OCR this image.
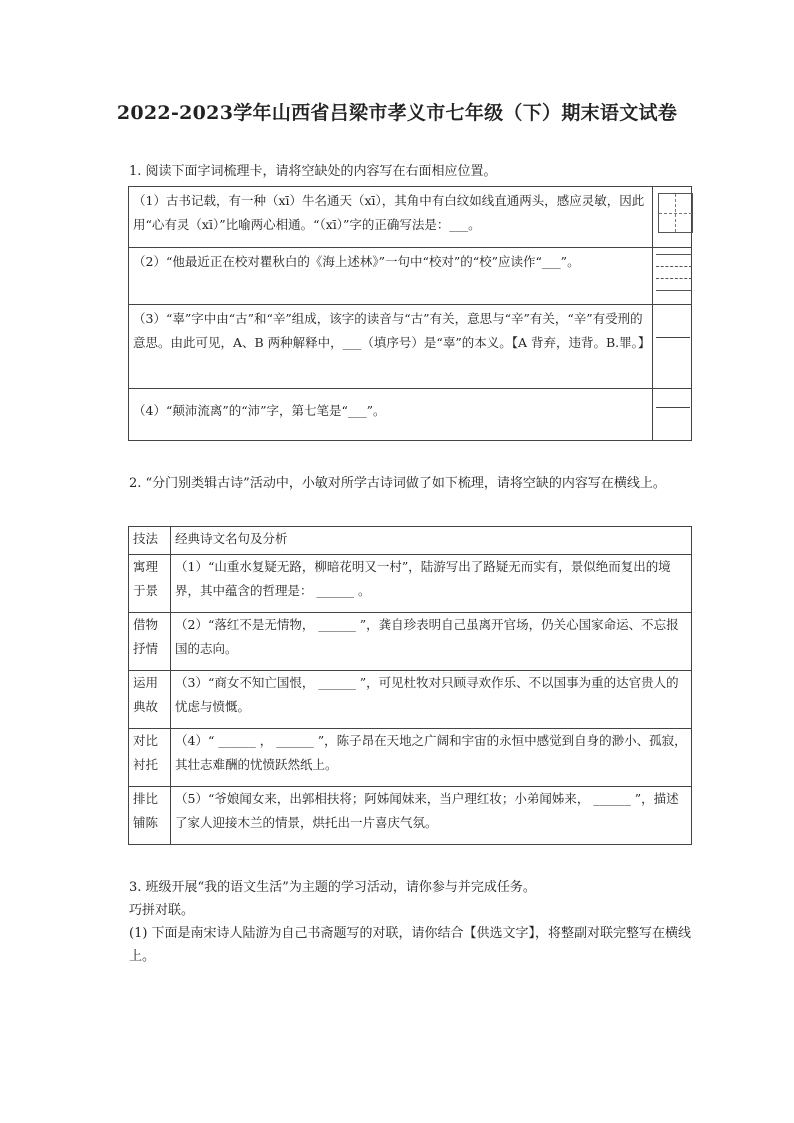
2022-2023学年山西省吕梁市孝义市七年级（下）期末语文试卷
1. 阅读下面字词梳理卡，请将空缺处的内容写在右面相应位置。
（1）古书记载，有一种（xī）牛名通天（xī），其角中有白纹如线直通两头，感应灵敏，因此用“心有灵（xī）”比喻两心相通。“（xī）”字的正确写法是：___。	

（2）“他最近正在校对瞿秋白的《海上述林》”一句中“校对”的“校”应读作“___”。	

（3）“辜”字中由“古”和“辛”组成，该字的读音与“古”有关，意思与“辛”有关，“辛”有受刑的意思。由此可见，A、B 两种解释中，___（填序号）是“辜”的本义。【A 背弃，违背。B.罪。】	

（4）“颠沛流离”的“沛”字，第七笔是“___”。	
2. “分门别类辑古诗”活动中，小敏对所学古诗词做了如下梳理，请将空缺的内容写在横线上。
技法	经典诗文名句及分析
寓理于景	（1）“山重水复疑无路，柳暗花明又一村”，陆游写出了路疑无而实有，景似绝而复出的境界，其中蕴含的哲理是： ______ 。
借物抒情	（2）“落红不是无情物， ______ ”，龚自珍表明自己虽离开官场，仍关心国家命运、不忘报国的志向。
运用典故	（3）“商女不知亡国恨， ______ ”，可见杜牧对只顾寻欢作乐、不以国事为重的达官贵人的忧虑与愤慨。
对比衬托	（4）“ ______ ， ______ ”，陈子昂在天地之广阔和宇宙的永恒中感觉到自身的渺小、孤寂，其壮志难酬的忧愤跃然纸上。
排比铺陈	（5）“爷娘闻女来，出郭相扶将；阿姊闻妹来，当户理红妆；小弟闻姊来， ______ ”，描述了家人迎接木兰的情景，烘托出一片喜庆气氛。

3. 班级开展“我的语文生活”为主题的学习活动，请你参与并完成任务。

巧拼对联。

(1) 下面是南宋诗人陆游为自己书斋题写的对联，请你结合【供选文字】，将整副对联完整写在横线上。
